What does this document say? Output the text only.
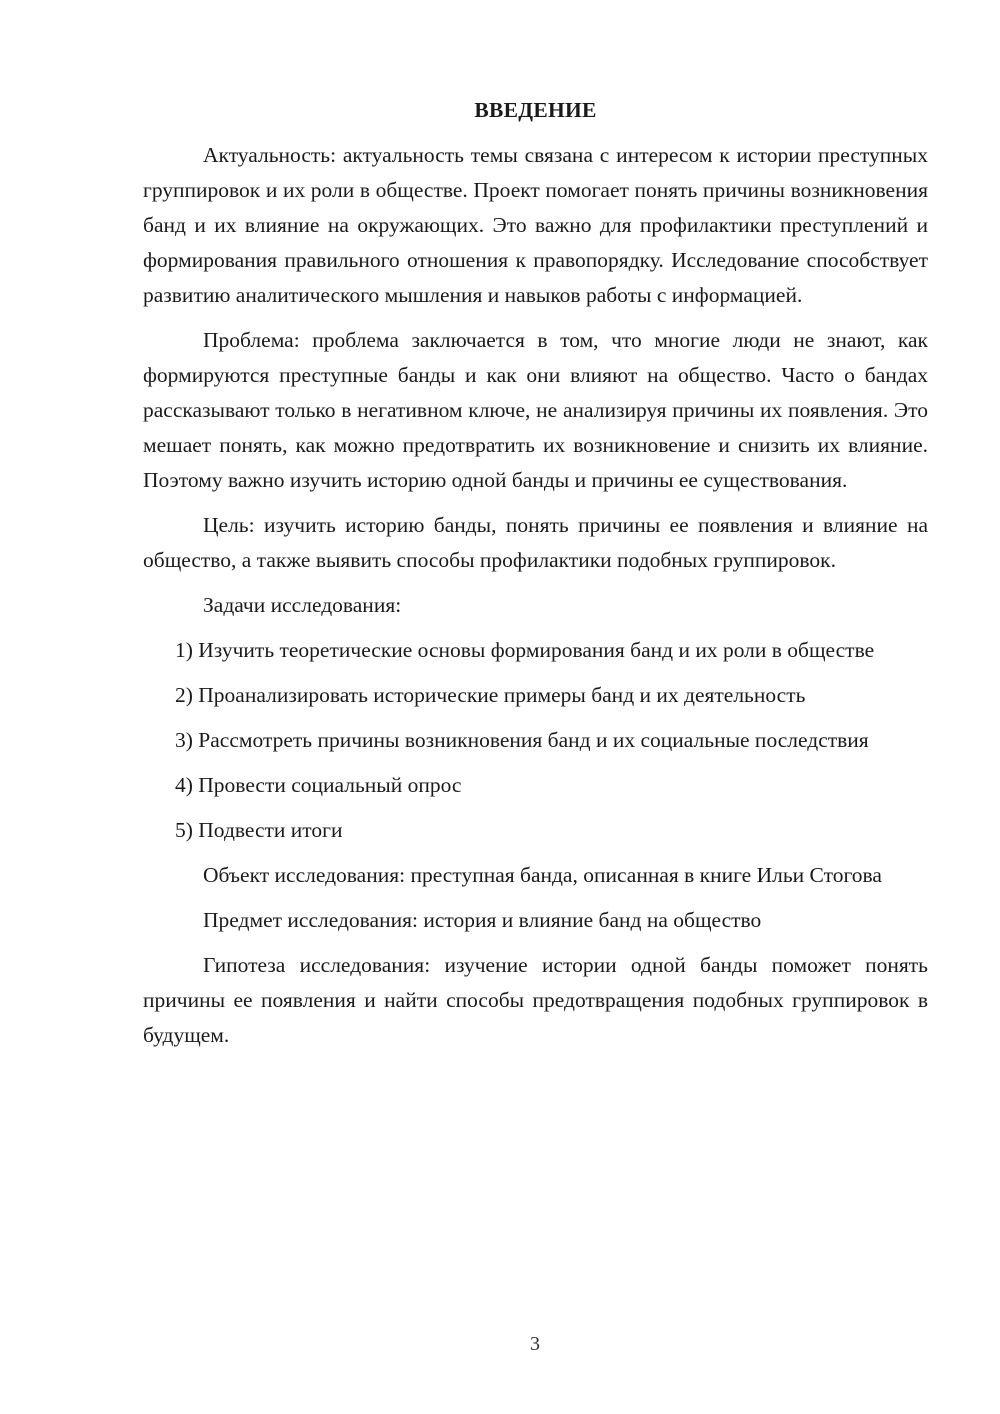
ВВЕДЕНИЕ

Актуальность: актуальность темы связана с интересом к истории преступных группировок и их роли в обществе. Проект помогает понять причины возникновения банд и их влияние на окружающих. Это важно для профилактики преступлений и формирования правильного отношения к правопорядку. Исследование способствует развитию аналитического мышления и навыков работы с информацией.

Проблема: проблема заключается в том, что многие люди не знают, как формируются преступные банды и как они влияют на общество. Часто о бандах рассказывают только в негативном ключе, не анализируя причины их появления. Это мешает понять, как можно предотвратить их возникновение и снизить их влияние. Поэтому важно изучить историю одной банды и причины ее существования.

Цель: изучить историю банды, понять причины ее появления и влияние на общество, а также выявить способы профилактики подобных группировок.

Задачи исследования:

1) Изучить теоретические основы формирования банд и их роли в обществе

2) Проанализировать исторические примеры банд и их деятельность

3) Рассмотреть причины возникновения банд и их социальные последствия

4) Провести социальный опрос

5) Подвести итоги

Объект исследования: преступная банда, описанная в книге Ильи Стогова

Предмет исследования: история и влияние банд на общество

Гипотеза исследования: изучение истории одной банды поможет понять причины ее появления и найти способы предотвращения подобных группировок в будущем.

3
